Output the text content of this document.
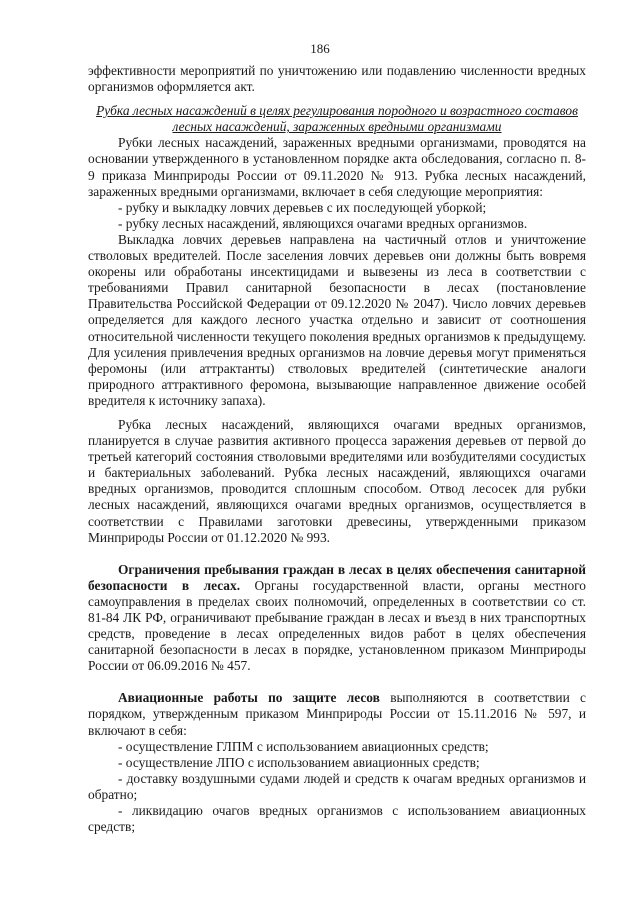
186

эффективности мероприятий по уничтожению или подавлению численности вредных организмов оформляется акт.

Рубка лесных насаждений в целях регулирования породного и возрастного составов лесных насаждений, зараженных вредными организмами

Рубки лесных насаждений, зараженных вредными организмами, проводятся на основании утвержденного в установленном порядке акта обследования, согласно п. 8-9 приказа Минприроды России от 09.11.2020 № 913. Рубка лесных насаждений, зараженных вредными организмами, включает в себя следующие мероприятия:

- рубку и выкладку ловчих деревьев с их последующей уборкой;

- рубку лесных насаждений, являющихся очагами вредных организмов.

Выкладка ловчих деревьев направлена на частичный отлов и уничтожение стволовых вредителей. После заселения ловчих деревьев они должны быть вовремя окорены или обработаны инсектицидами и вывезены из леса в соответствии с требованиями Правил санитарной безопасности в лесах (постановление Правительства Российской Федерации от 09.12.2020 № 2047). Число ловчих деревьев определяется для каждого лесного участка отдельно и зависит от соотношения относительной численности текущего поколения вредных организмов к предыдущему. Для усиления привлечения вредных организмов на ловчие деревья могут применяться феромоны (или аттрактанты) стволовых вредителей (синтетические аналоги природного аттрактивного феромона, вызывающие направленное движение особей вредителя к источнику запаха).

Рубка лесных насаждений, являющихся очагами вредных организмов, планируется в случае развития активного процесса заражения деревьев от первой до третьей категорий состояния стволовыми вредителями или возбудителями сосудистых и бактериальных заболеваний. Рубка лесных насаждений, являющихся очагами вредных организмов, проводится сплошным способом. Отвод лесосек для рубки лесных насаждений, являющихся очагами вредных организмов, осуществляется в соответствии с Правилами заготовки древесины, утвержденными приказом Минприроды России от 01.12.2020 № 993.

Ограничения пребывания граждан в лесах в целях обеспечения санитарной безопасности в лесах. Органы государственной власти, органы местного самоуправления в пределах своих полномочий, определенных в соответствии со ст. 81-84 ЛК РФ, ограничивают пребывание граждан в лесах и въезд в них транспортных средств, проведение в лесах определенных видов работ в целях обеспечения санитарной безопасности в лесах в порядке, установленном приказом Минприроды России от 06.09.2016 № 457.

Авиационные работы по защите лесов выполняются в соответствии с порядком, утвержденным приказом Минприроды России от 15.11.2016 № 597, и включают в себя:

- осуществление ГЛПМ с использованием авиационных средств;

- осуществление ЛПО с использованием авиационных средств;

- доставку воздушными судами людей и средств к очагам вредных организмов и обратно;

- ликвидацию очагов вредных организмов с использованием авиационных средств;
